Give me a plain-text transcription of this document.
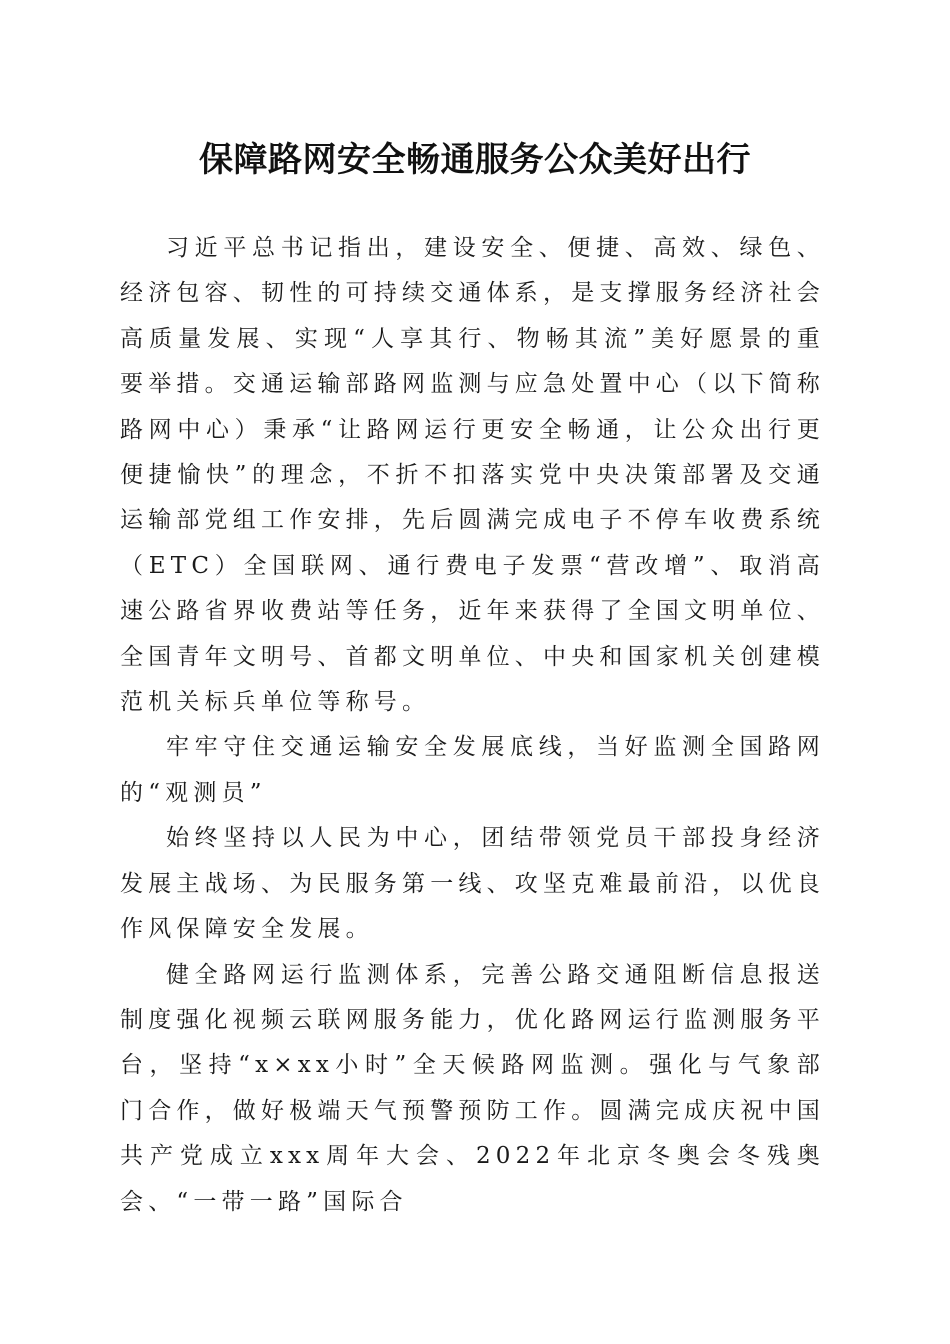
保障路网安全畅通服务公众美好出行

习近平总书记指出，建设安全、便捷、高效、绿色、经济包容、韧性的可持续交通体系，是支撑服务经济社会高质量发展、实现“人享其行、物畅其流”美好愿景的重要举措。交通运输部路网监测与应急处置中心（以下简称路网中心）秉承“让路网运行更安全畅通，让公众出行更便捷愉快”的理念，不折不扣落实党中央决策部署及交通运输部党组工作安排，先后圆满完成电子不停车收费系统（ETC）全国联网、通行费电子发票“营改增”、取消高速公路省界收费站等任务，近年来获得了全国文明单位、全国青年文明号、首都文明单位、中央和国家机关创建模范机关标兵单位等称号。

牢牢守住交通运输安全发展底线，当好监测全国路网的“观测员”

始终坚持以人民为中心，团结带领党员干部投身经济发展主战场、为民服务第一线、攻坚克难最前沿，以优良作风保障安全发展。

健全路网运行监测体系，完善公路交通阻断信息报送制度强化视频云联网服务能力，优化路网运行监测服务平台，坚持“x×xx小时”全天候路网监测。强化与气象部门合作，做好极端天气预警预防工作。圆满完成庆祝中国共产党成立xxx周年大会、2022年北京冬奥会冬残奥会、“一带一路”国际合
